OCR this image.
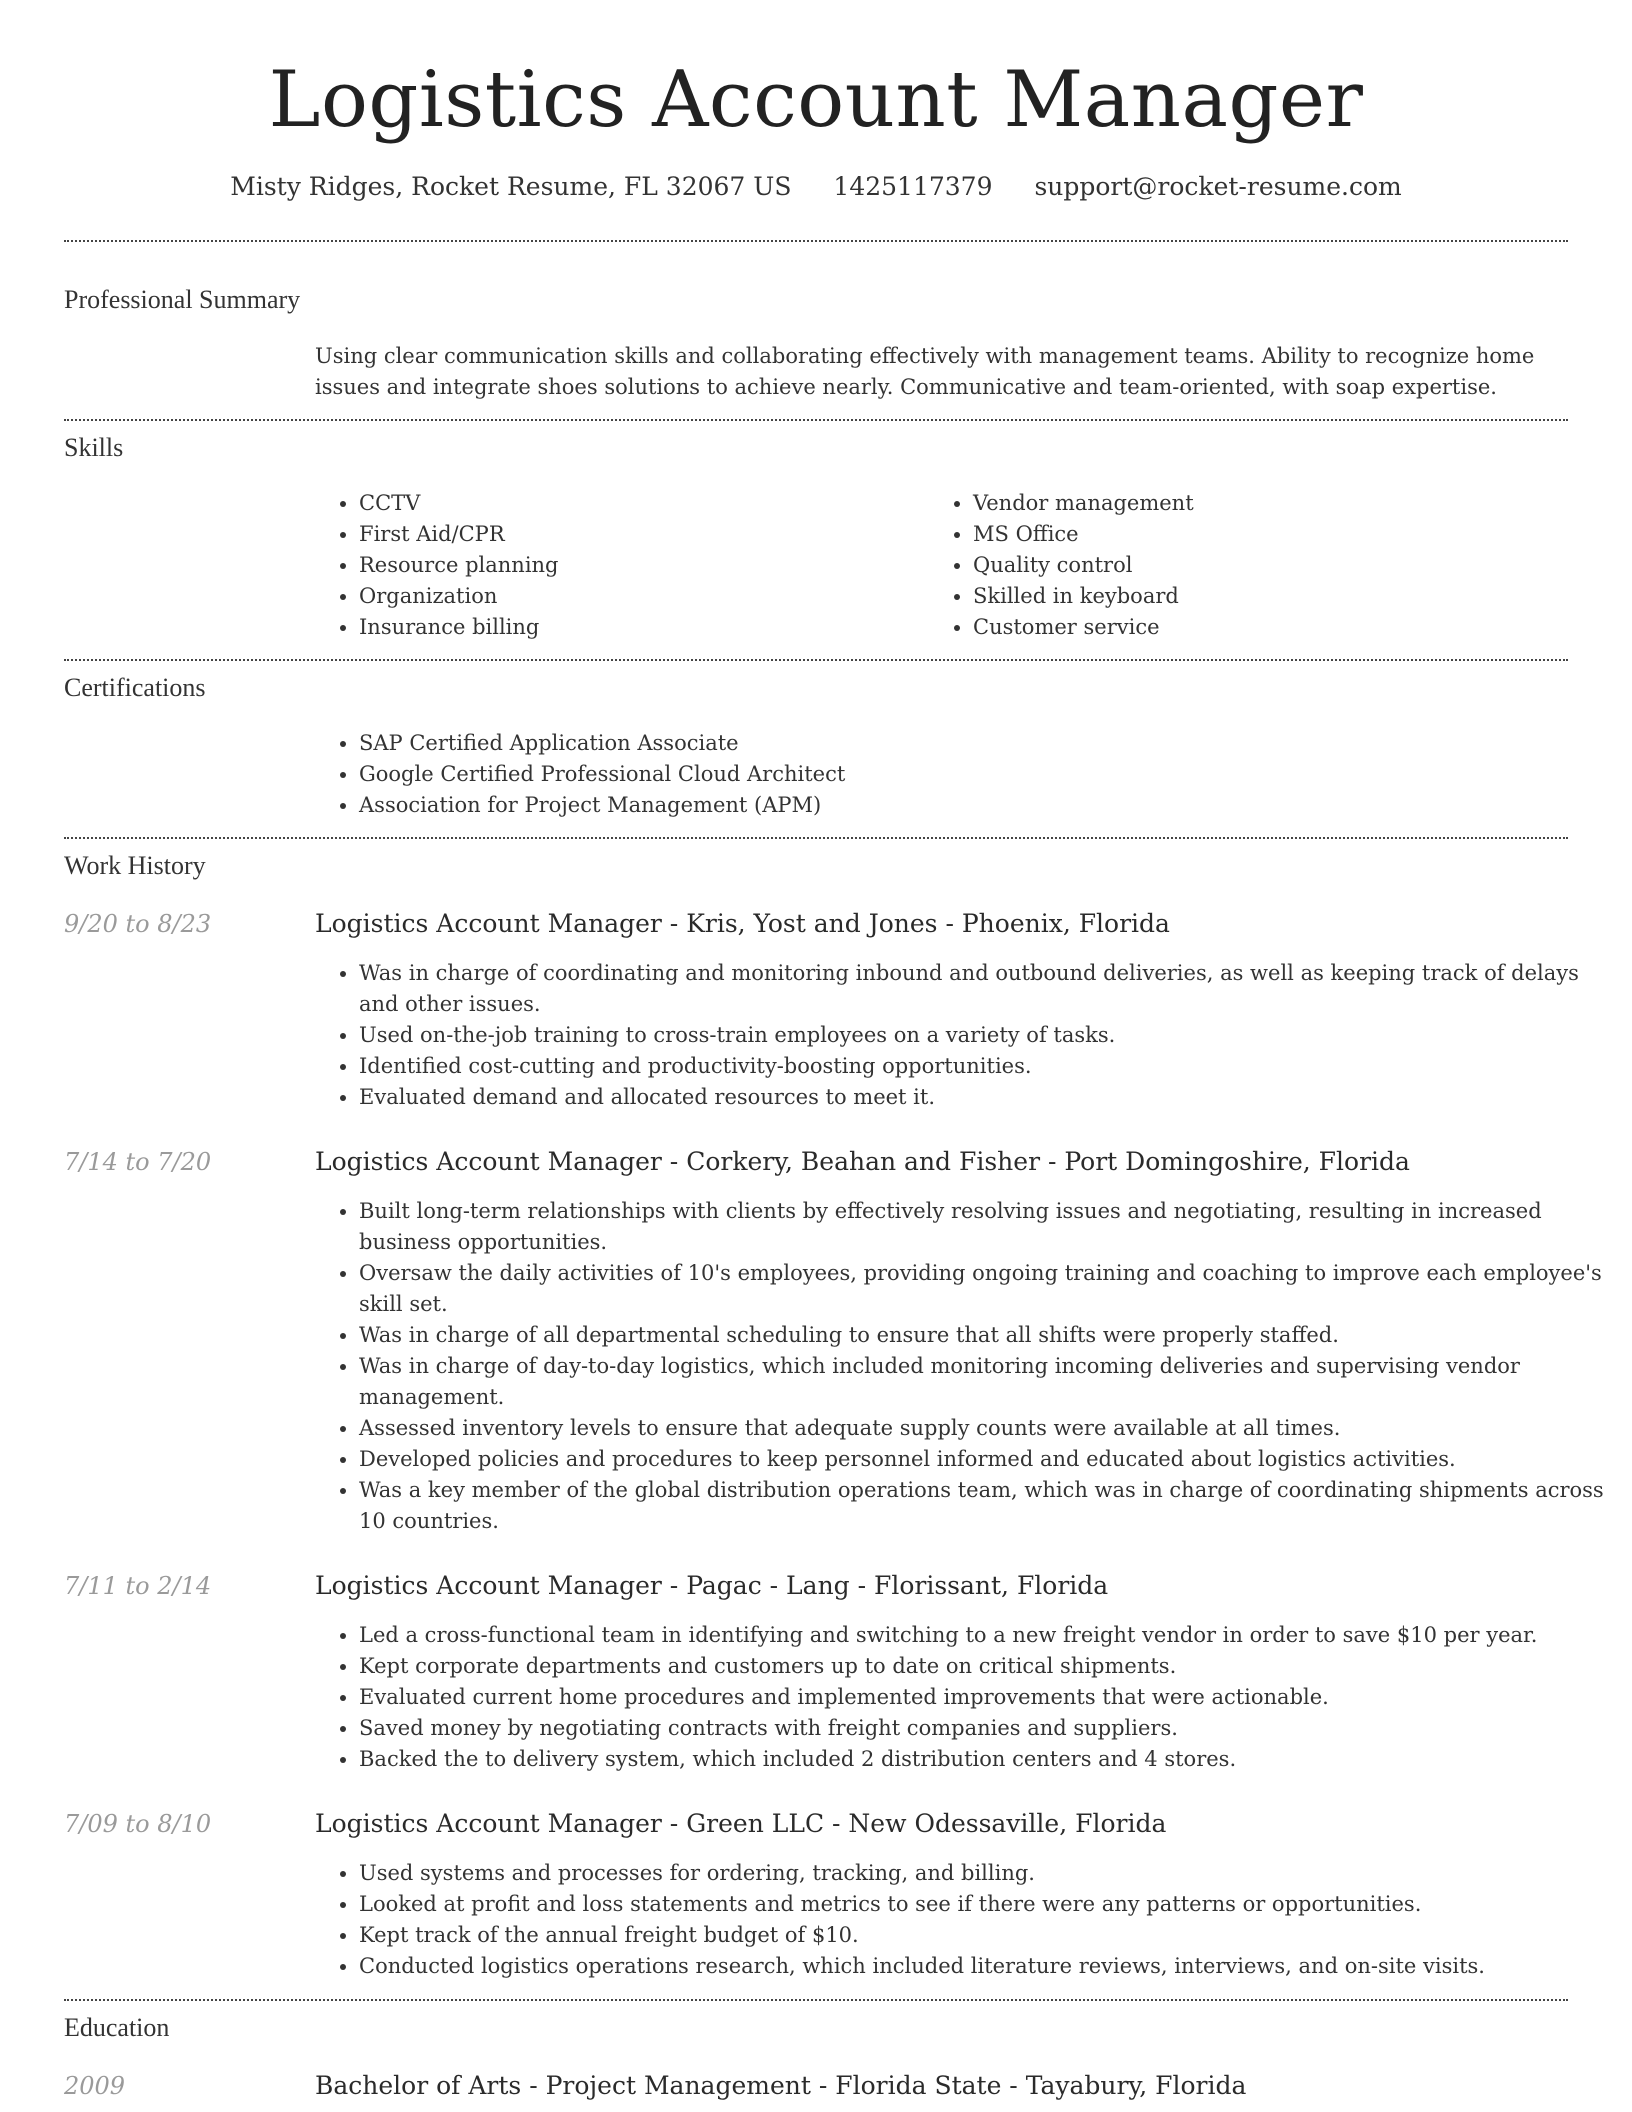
Logistics Account Manager
Misty Ridges, Rocket Resume, FL 32067 US 1425117379 support@rocket-resume.com
Professional Summary
Using clear communication skills and collaborating effectively with management teams. Ability to recognize home issues and integrate shoes solutions to achieve nearly. Communicative and team-oriented, with soap expertise.
Skills
• CCTV
• First Aid/CPR
• Resource planning
• Organization
• Insurance billing
• Vendor management
• MS Office
• Quality control
• Skilled in keyboard
• Customer service
Certifications
• SAP Certified Application Associate
• Google Certified Professional Cloud Architect
• Association for Project Management (APM)
Work History
9/20 to 8/23	Logistics Account Manager - Kris, Yost and Jones - Phoenix, Florida
• Was in charge of coordinating and monitoring inbound and outbound deliveries, as well as keeping track of delays and other issues.
• Used on-the-job training to cross-train employees on a variety of tasks.
• Identified cost-cutting and productivity-boosting opportunities.
• Evaluated demand and allocated resources to meet it.
7/14 to 7/20	Logistics Account Manager - Corkery, Beahan and Fisher - Port Domingoshire, Florida
• Built long-term relationships with clients by effectively resolving issues and negotiating, resulting in increased business opportunities.
• Oversaw the daily activities of 10's employees, providing ongoing training and coaching to improve each employee's skill set.
• Was in charge of all departmental scheduling to ensure that all shifts were properly staffed.
• Was in charge of day-to-day logistics, which included monitoring incoming deliveries and supervising vendor management.
• Assessed inventory levels to ensure that adequate supply counts were available at all times.
• Developed policies and procedures to keep personnel informed and educated about logistics activities.
• Was a key member of the global distribution operations team, which was in charge of coordinating shipments across 10 countries.
7/11 to 2/14	Logistics Account Manager - Pagac - Lang - Florissant, Florida
• Led a cross-functional team in identifying and switching to a new freight vendor in order to save $10 per year.
• Kept corporate departments and customers up to date on critical shipments.
• Evaluated current home procedures and implemented improvements that were actionable.
• Saved money by negotiating contracts with freight companies and suppliers.
• Backed the to delivery system, which included 2 distribution centers and 4 stores.
7/09 to 8/10	Logistics Account Manager - Green LLC - New Odessaville, Florida
• Used systems and processes for ordering, tracking, and billing.
• Looked at profit and loss statements and metrics to see if there were any patterns or opportunities.
• Kept track of the annual freight budget of $10.
• Conducted logistics operations research, which included literature reviews, interviews, and on-site visits.
Education
2009	Bachelor of Arts - Project Management - Florida State - Tayabury, Florida
